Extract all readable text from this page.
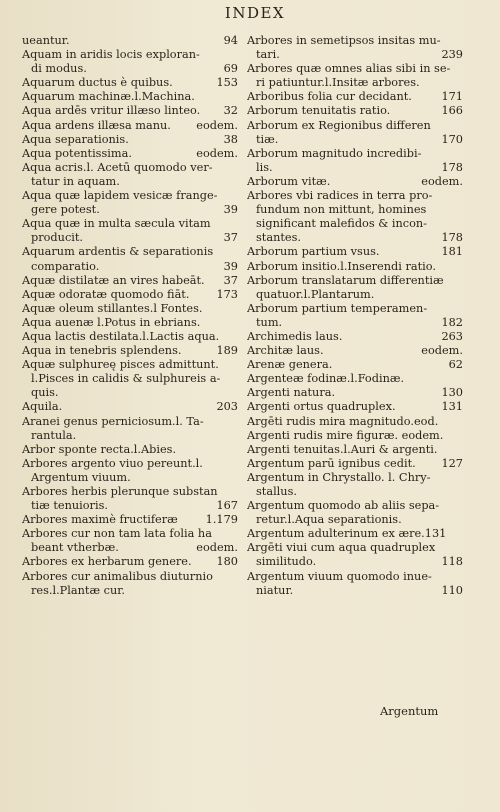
INDEX
ueantur.	94
Aquam in aridis locis exploran-
di modus.	69
Aquarum ductus è quibus.	153
Aquarum machinæ.l.Machina.
Aqua ardēs vritur illæso linteo. 32
Aqua ardens illæsa manu. eodem.
Aqua separationis.	38
Aqua potentissima.	eodem.
Aqua acris.l. Acetū quomodo ver-
tatur in aquam.
Aqua quæ lapidem vesicæ frange-
gere potest.	39
Aqua quæ in multa sæcula vitam
producit.	37
Aquarum ardentis & separationis
comparatio.	39
Aquæ distilatæ an vires habeāt. 37
Aquæ odoratæ quomodo fiāt. 173
Aquæ oleum stillantes.l Fontes.
Aqua auenæ l.Potus in ebrians.
Aqua lactis destilata.l.Lactis aqua.
Aqua in tenebris splendens.	189
Aquæ sulphureę pisces admittunt.
l.Pisces in calidis & sulphureis a-
quis.
Aquila.	203
Aranei genus perniciosum.l. Ta-
rantula.
Arbor sponte recta.l.Abies.
Arbores argento viuo pereunt.l.
Argentum viuum.
Arbores herbis plerunque substan
tiæ tenuioris.	167
Arbores maximè fructiferæ 1.179
Arbores cur non tam lata folia ha
beant vtherbæ.	eodem.
Arbores ex herbarum genere. 180
Arbores cur animalibus diuturnio
res.l.Plantæ cur.
Arbores in semetipsos insitas mu-
tari.	239
Arbores quæ omnes alias sibi in se-
ri patiuntur.l.Insitæ arbores.
Arboribus folia cur decidant.	171
Arborum tenuitatis ratio.	166
Arborum ex Regionibus differen
tiæ.	170
Arborum magnitudo incredibi-
lis.	178
Arborum vitæ.	eodem.
Arbores vbi radices in terra pro-
fundum non mittunt, homines
significant malefidos & incon-
stantes.	178
Arborum partium vsus.	181
Arborum insitio.l.Inserendi ratio.
Arborum translatarum differentiæ
quatuor.l.Plantarum.
Arborum partium temperamen-
tum.	182
Archimedis laus.	263
Architæ laus.	eodem.
Arenæ genera.	62
Argenteæ fodinæ.l.Fodinæ.
Argenti natura.	130
Argenti ortus quadruplex.	131
Argēti rudis mira magnitudo.eod.
Argenti rudis mire figuræ. eodem.
Argenti tenuitas.l.Auri & argenti.
Argentum parū ignibus cedit. 127
Argentum in Chrystallo. l. Chry-
stallus.
Argentum quomodo ab aliis sepa-
retur.l.Aqua separationis.
Argentum adulterinum ex ære.131
Argēti viui cum aqua quadruplex
similitudo.	118
Argentum viuum quomodo inue-
niatur.	110
Argentum
